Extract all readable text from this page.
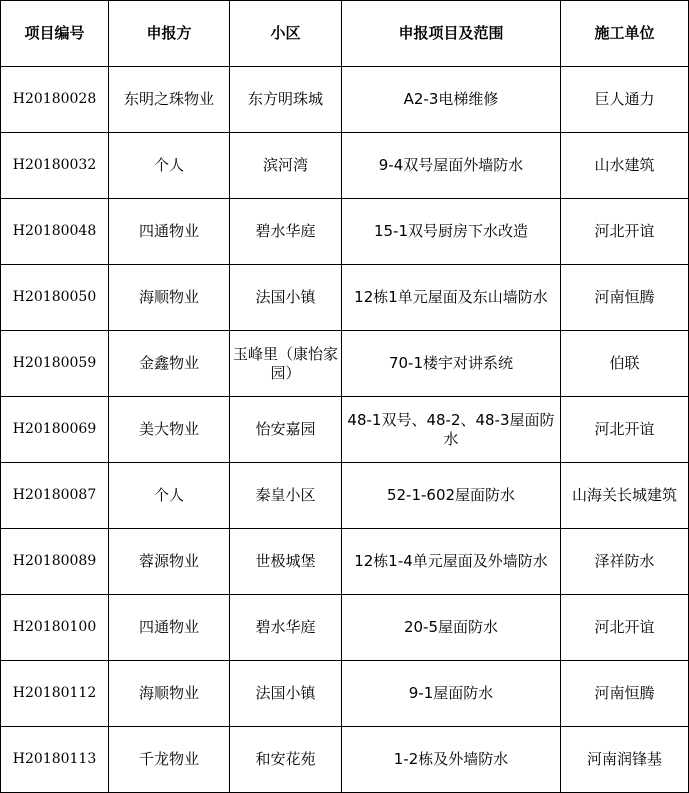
项目编号	申报方	小区	申报项目及范围	施工单位
H20180028	东明之珠物业	东方明珠城	A2-3电梯维修	巨人通力
H20180032	个人	滨河湾	9-4双号屋面外墙防水	山水建筑
H20180048	四通物业	碧水华庭	15-1双号厨房下水改造	河北开谊
H20180050	海顺物业	法国小镇	12栋1单元屋面及东山墙防水	河南恒腾
H20180059	金鑫物业	玉峰里（康怡家园）	70-1楼宇对讲系统	伯联
H20180069	美大物业	怡安嘉园	48-1双号、48-2、48-3屋面防水	河北开谊
H20180087	个人	秦皇小区	52-1-602屋面防水	山海关长城建筑
H20180089	蓉源物业	世极城堡	12栋1-4单元屋面及外墙防水	泽祥防水
H20180100	四通物业	碧水华庭	20-5屋面防水	河北开谊
H20180112	海顺物业	法国小镇	9-1屋面防水	河南恒腾
H20180113	千龙物业	和安花苑	1-2栋及外墙防水	河南润锋基
